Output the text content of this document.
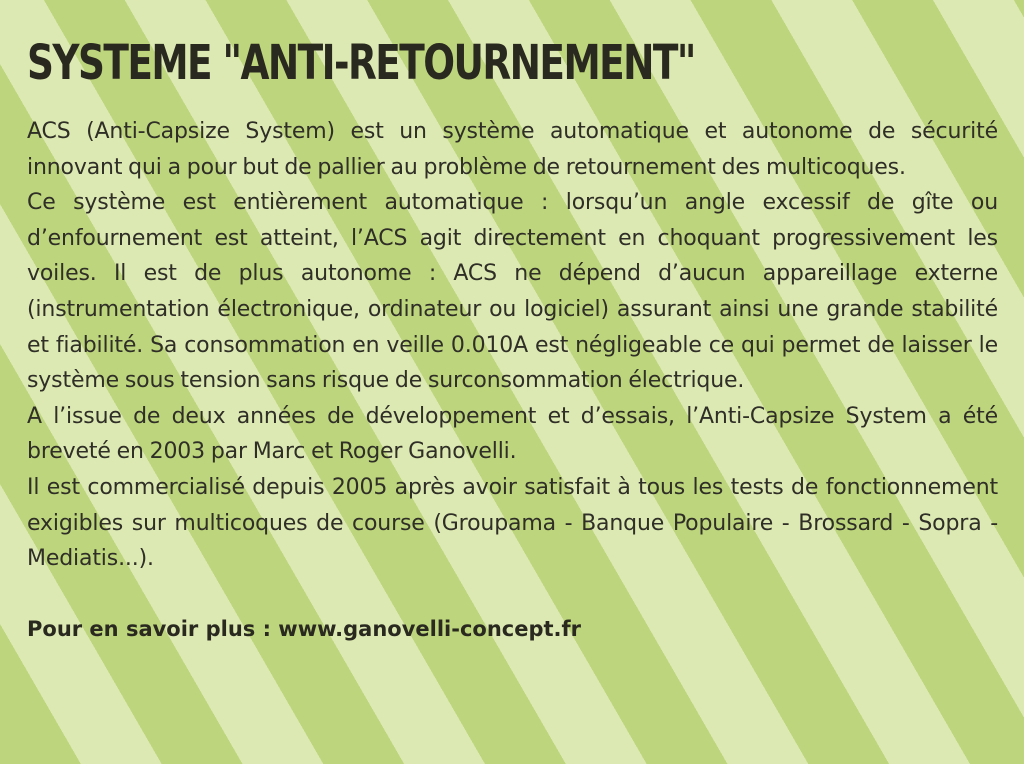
SYSTEME "ANTI-RETOURNEMENT"

ACS (Anti-Capsize System) est un système automatique et autonome de sécurité innovant qui a pour but de pallier au problème de retournement des multicoques.

Ce système est entièrement automatique : lorsqu’un angle excessif de gîte ou d’enfournement est atteint, l’ACS agit directement en choquant progressivement les voiles. Il est de plus autonome : ACS ne dépend d’aucun appareillage externe (instrumentation électronique, ordinateur ou logiciel) assurant ainsi une grande stabilité et fiabilité. Sa consommation en veille 0.010A est négligeable ce qui permet de laisser le système sous tension sans risque de surconsommation électrique.

A l’issue de deux années de développement et d’essais, l’Anti-Capsize System a été breveté en 2003 par Marc et Roger Ganovelli.

Il est commercialisé depuis 2005 après avoir satisfait à tous les tests de fonctionnement exigibles sur multicoques de course (Groupama - Banque Populaire - Brossard - Sopra - Mediatis...).

Pour en savoir plus : www.ganovelli-concept.fr
